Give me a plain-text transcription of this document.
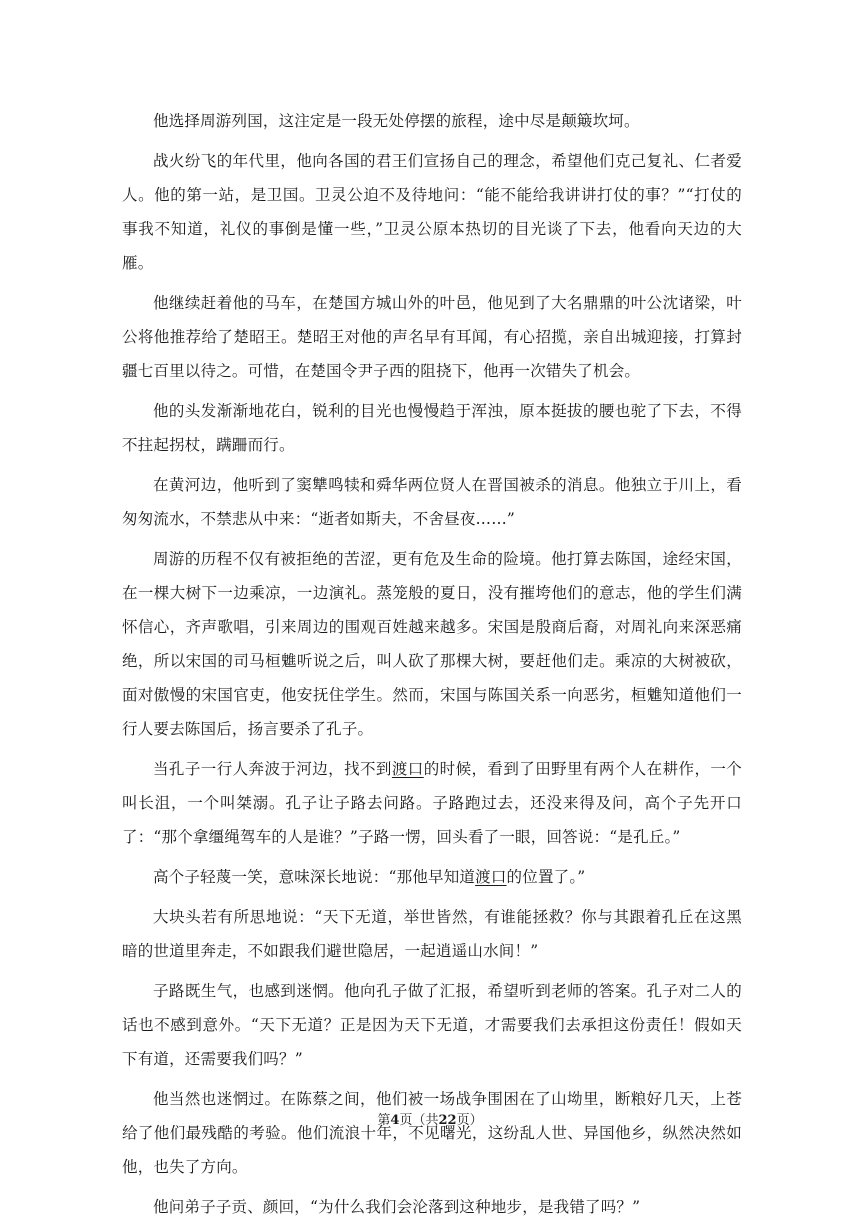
他选择周游列国，这注定是一段无处停摆的旅程，途中尽是颠簸坎坷。

战火纷飞的年代里，他向各国的君王们宣扬自己的理念，希望他们克己复礼、仁者爱人。他的第一站，是卫国。卫灵公迫不及待地问：“能不能给我讲讲打仗的事？”“打仗的事我不知道，礼仪的事倒是懂一些，”卫灵公原本热切的目光谈了下去，他看向天边的大雁。

他继续赶着他的马车，在楚国方城山外的叶邑，他见到了大名鼎鼎的叶公沈诸梁，叶公将他推荐给了楚昭王。楚昭王对他的声名早有耳闻，有心招揽，亲自出城迎接，打算封疆七百里以待之。可惜，在楚国令尹子西的阻挠下，他再一次错失了机会。

他的头发渐渐地花白，锐利的目光也慢慢趋于浑浊，原本挺拔的腰也驼了下去，不得不拄起拐杖，蹒跚而行。

在黄河边，他听到了窦犨鸣犊和舜华两位贤人在晋国被杀的消息。他独立于川上，看匆匆流水，不禁悲从中来：“逝者如斯夫，不舍昼夜……”

周游的历程不仅有被拒绝的苦涩，更有危及生命的险境。他打算去陈国，途经宋国，在一棵大树下一边乘凉，一边演礼。蒸笼般的夏日，没有摧垮他们的意志，他的学生们满怀信心，齐声歌唱，引来周边的围观百姓越来越多。宋国是殷商后裔，对周礼向来深恶痛绝，所以宋国的司马桓魋听说之后，叫人砍了那棵大树，要赶他们走。乘凉的大树被砍，面对傲慢的宋国官吏，他安抚住学生。然而，宋国与陈国关系一向恶劣，桓魋知道他们一行人要去陈国后，扬言要杀了孔子。

当孔子一行人奔波于河边，找不到渡口的时候，看到了田野里有两个人在耕作，一个叫长沮，一个叫桀溺。孔子让子路去问路。子路跑过去，还没来得及问，高个子先开口了：“那个拿缰绳驾车的人是谁？”子路一愣，回头看了一眼，回答说：“是孔丘。”

高个子轻蔑一笑，意味深长地说：“那他早知道渡口的位置了。”

大块头若有所思地说：“天下无道，举世皆然，有谁能拯救？你与其跟着孔丘在这黑暗的世道里奔走，不如跟我们避世隐居，一起逍遥山水间！”

子路既生气，也感到迷惘。他向孔子做了汇报，希望听到老师的答案。孔子对二人的话也不感到意外。“天下无道？正是因为天下无道，才需要我们去承担这份责任！假如天下有道，还需要我们吗？”

他当然也迷惘过。在陈蔡之间，他们被一场战争围困在了山坳里，断粮好几天，上苍给了他们最残酷的考验。他们流浪十年，不见曙光，这纷乱人世、异国他乡，纵然决然如他，也失了方向。

他问弟子子贡、颜回，“为什么我们会沦落到这种地步，是我错了吗？”

第4页（共22页）
